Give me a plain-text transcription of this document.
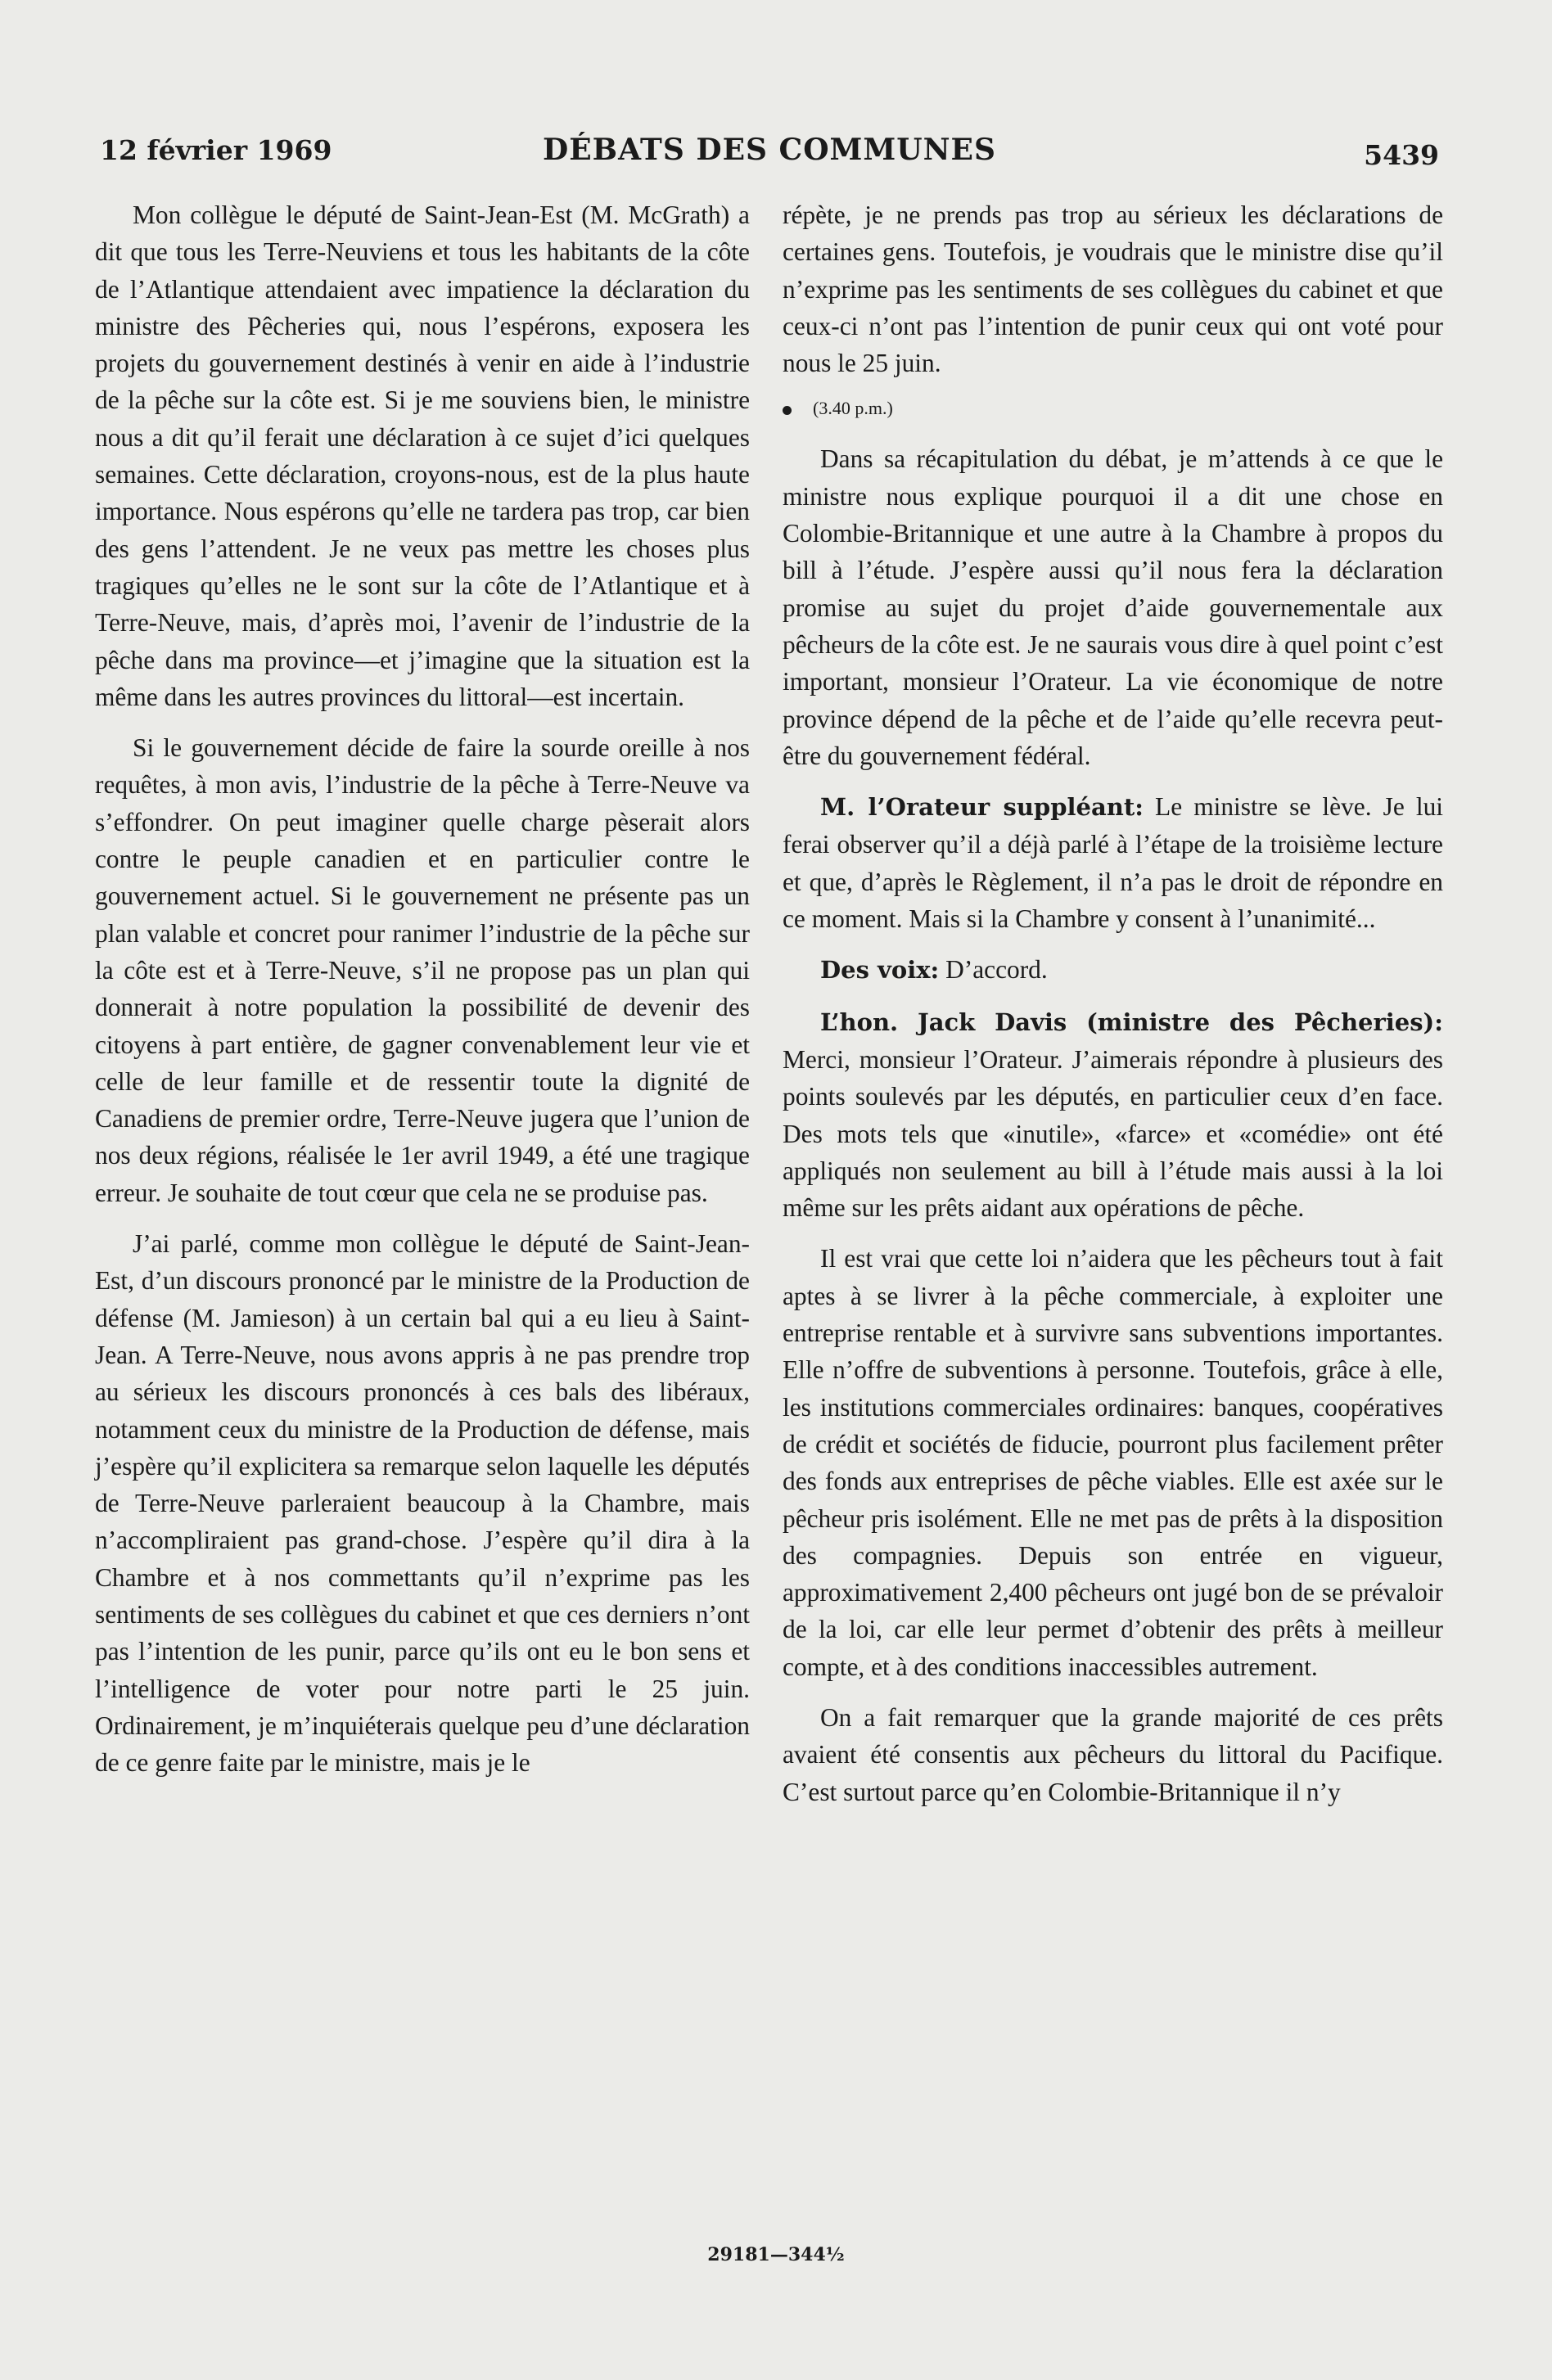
12 février 1969	DÉBATS DES COMMUNES	5439

Mon collègue le député de Saint-Jean-Est (M. McGrath) a dit que tous les Terre-Neuviens et tous les habitants de la côte de l’Atlantique attendaient avec impatience la déclaration du ministre des Pêcheries qui, nous l’espérons, exposera les projets du gouvernement destinés à venir en aide à l’industrie de la pêche sur la côte est. Si je me souviens bien, le ministre nous a dit qu’il ferait une déclaration à ce sujet d’ici quelques semaines. Cette déclaration, croyons-nous, est de la plus haute importance. Nous espérons qu’elle ne tardera pas trop, car bien des gens l’attendent. Je ne veux pas mettre les choses plus tragiques qu’elles ne le sont sur la côte de l’Atlantique et à Terre-Neuve, mais, d’après moi, l’avenir de l’industrie de la pêche dans ma province—et j’imagine que la situation est la même dans les autres provinces du littoral—est incertain.

Si le gouvernement décide de faire la sourde oreille à nos requêtes, à mon avis, l’industrie de la pêche à Terre-Neuve va s’effondrer. On peut imaginer quelle charge pèserait alors contre le peuple canadien et en particulier contre le gouvernement actuel. Si le gouvernement ne présente pas un plan valable et concret pour ranimer l’industrie de la pêche sur la côte est et à Terre-Neuve, s’il ne propose pas un plan qui donnerait à notre population la possibilité de devenir des citoyens à part entière, de gagner convenablement leur vie et celle de leur famille et de ressentir toute la dignité de Canadiens de premier ordre, Terre-Neuve jugera que l’union de nos deux régions, réalisée le 1er avril 1949, a été une tragique erreur. Je souhaite de tout cœur que cela ne se produise pas.

J’ai parlé, comme mon collègue le député de Saint-Jean-Est, d’un discours prononcé par le ministre de la Production de défense (M. Jamieson) à un certain bal qui a eu lieu à Saint-Jean. A Terre-Neuve, nous avons appris à ne pas prendre trop au sérieux les discours prononcés à ces bals des libéraux, notamment ceux du ministre de la Production de défense, mais j’espère qu’il explicitera sa remarque selon laquelle les députés de Terre-Neuve parleraient beaucoup à la Chambre, mais n’accompliraient pas grand-chose. J’espère qu’il dira à la Chambre et à nos commettants qu’il n’exprime pas les sentiments de ses collègues du cabinet et que ces derniers n’ont pas l’intention de les punir, parce qu’ils ont eu le bon sens et l’intelligence de voter pour notre parti le 25 juin. Ordinairement, je m’inquiéterais quelque peu d’une déclaration de ce genre faite par le ministre, mais je le

répète, je ne prends pas trop au sérieux les déclarations de certaines gens. Toutefois, je voudrais que le ministre dise qu’il n’exprime pas les sentiments de ses collègues du cabinet et que ceux-ci n’ont pas l’intention de punir ceux qui ont voté pour nous le 25 juin.

(3.40 p.m.)

Dans sa récapitulation du débat, je m’attends à ce que le ministre nous explique pourquoi il a dit une chose en Colombie-Britannique et une autre à la Chambre à propos du bill à l’étude. J’espère aussi qu’il nous fera la déclaration promise au sujet du projet d’aide gouvernementale aux pêcheurs de la côte est. Je ne saurais vous dire à quel point c’est important, monsieur l’Orateur. La vie économique de notre province dépend de la pêche et de l’aide qu’elle recevra peut-être du gouvernement fédéral.

M. l’Orateur suppléant: Le ministre se lève. Je lui ferai observer qu’il a déjà parlé à l’étape de la troisième lecture et que, d’après le Règlement, il n’a pas le droit de répondre en ce moment. Mais si la Chambre y consent à l’unanimité...

Des voix: D’accord.

L’hon. Jack Davis (ministre des Pêcheries): Merci, monsieur l’Orateur. J’aimerais répondre à plusieurs des points soulevés par les députés, en particulier ceux d’en face. Des mots tels que «inutile», «farce» et «comédie» ont été appliqués non seulement au bill à l’étude mais aussi à la loi même sur les prêts aidant aux opérations de pêche.

Il est vrai que cette loi n’aidera que les pêcheurs tout à fait aptes à se livrer à la pêche commerciale, à exploiter une entreprise rentable et à survivre sans subventions importantes. Elle n’offre de subventions à personne. Toutefois, grâce à elle, les institutions commerciales ordinaires: banques, coopératives de crédit et sociétés de fiducie, pourront plus facilement prêter des fonds aux entreprises de pêche viables. Elle est axée sur le pêcheur pris isolément. Elle ne met pas de prêts à la disposition des compagnies. Depuis son entrée en vigueur, approximativement 2,400 pêcheurs ont jugé bon de se prévaloir de la loi, car elle leur permet d’obtenir des prêts à meilleur compte, et à des conditions inaccessibles autrement.

On a fait remarquer que la grande majorité de ces prêts avaient été consentis aux pêcheurs du littoral du Pacifique. C’est surtout parce qu’en Colombie-Britannique il n’y

29181—344½
